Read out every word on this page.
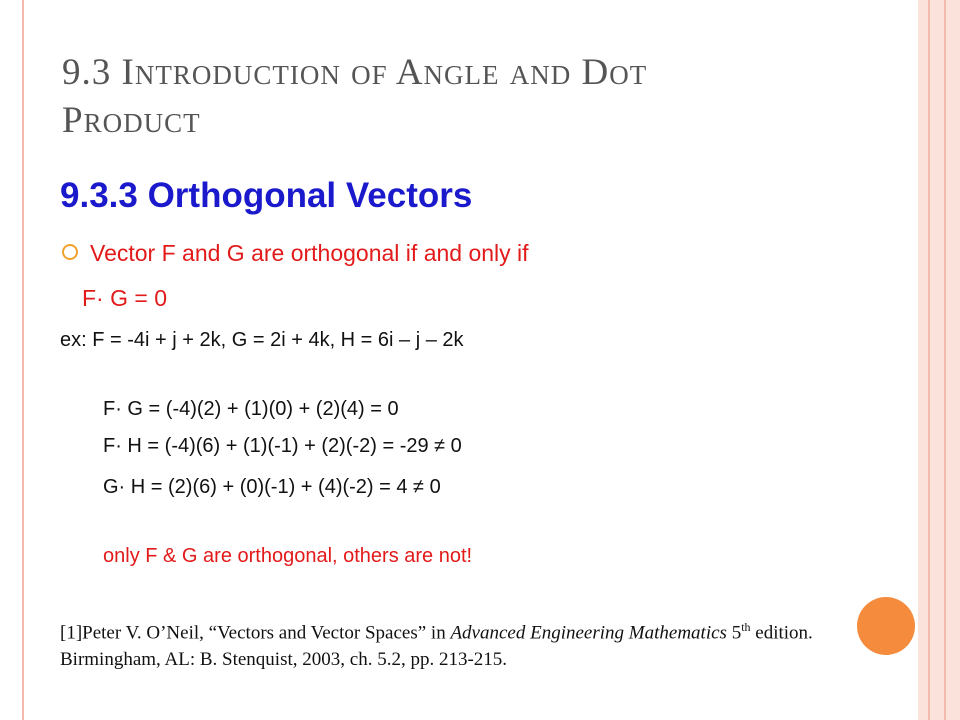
9.3 INTRODUCTION OF ANGLE AND DOT
PRODUCT
9.3.3 Orthogonal Vectors
Vector F and G are orthogonal if and only if
F· G = 0
ex: F = -4i + j + 2k, G = 2i + 4k, H = 6i – j – 2k
F· G = (-4)(2) + (1)(0) + (2)(4) = 0
F· H = (-4)(6) + (1)(-1) + (2)(-2) = -29 ≠ 0
G· H = (2)(6) + (0)(-1) + (4)(-2) = 4 ≠ 0
only F & G are orthogonal, others are not!
[1]Peter V. O’Neil, “Vectors and Vector Spaces” in Advanced Engineering Mathematics 5th edition. Birmingham, AL: B. Stenquist, 2003, ch. 5.2, pp. 213-215.
